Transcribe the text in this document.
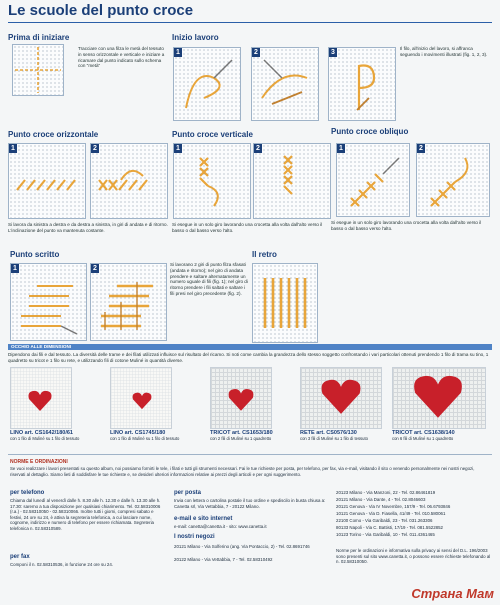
Le scuole del punto croce
Prima di iniziare
Tracciare con una filza le metà del tessuto in senso orizzontale e verticale e iniziare a ricamare dal punto indicato sullo schema con "metà"
Inizio lavoro
1	2	3
Il filo, all'inizio del lavoro, si affranca seguendo i movimenti illustrati (fig. 1, 2, 3).
Punto croce orizzontale	Punto croce verticale	Punto croce obliquo
1	2	1	2	1	2
Si lavora da sinistra a destra e da destra a sinistra, in giri di andata e di ritorno. L'inclinazione del punto va mantenuta costante.
Si esegue in un solo giro lavorando una crocetta alla volta dall'alto verso il basso o dal basso verso l'alto.
Si esegue in un solo giro lavorando una crocetta alla volta dall'alto verso il basso o dal basso verso l'alto.
Punto scritto
1	2
Si lavorano 2 giri di punto filza sfasati (andata e ritorno); nel giro di andata prendere e saltare alternatamente un numero uguale di fili (fig. 1); nel giro di ritorno prendere i fili saltati e saltare i fili presi nel giro precedente (fig. 2).
Il retro
OCCHIO ALLE DIMENSIONI
Dipendono dai fili e dal tessuto. La diversità delle trame e dei filati utilizzati influisce sul risultato del ricamo. Si noti come cambia la grandezza dello stesso soggetto confrontando i vari particolari ottenuti prendendo 1 filo di trama su tino, 1 quadretto su tricot e 1 filo su rete, e utilizzando fili di cotone Muliné in quantità diverse.
LINO art. CS1642/180/61
con 1 filo di Muliné su 1 filo di tessuto
LINO art. CS1745/180
con 1 filo di Muliné su 1 filo di tessuto
TRICOT art. CS1653/180
con 2 fili di Muliné su 1 quadretto
RETE art. CS0576/130
con 3 fili di Muliné su 1 filo di tessuto
TRICOT art. CS1638/140
con 6 fili di Muliné su 1 quadretto
NORME E ORDINAZIONI
Se vuoi realizzare i lavori presentati su questo album, noi possiamo fornirti le tele, i filati e tutti gli strumenti necessari. Fai le tue richieste per posta, per telefono, per fax, via e-mail, visitando il sito o venendo personalmente nei nostri negozi, riservati al dettaglio. Siamo lieti di soddisfare le tue richieste e, se desideri ulteriori informazioni relative ai prezzi degli articoli e per ogni suggerimento.
per telefono
Chiama dal lunedì al venerdì dalle h. 8.30 alle h. 12.30 e dalle h. 13.30 alle h. 17.30: saremo a tua disposizione per qualsiasi chiarimento. Tel. 02.58310006 (r.a.) - 02.58310050 - 02.58310066. Inoltre tutti i giorni, compresi sabato e festivi, 24 ore su 24, è attiva la segreteria telefonica, a cui lasciare nome, cognome, indirizzo e numero di telefono per essere richiamata. Segreteria telefonica n. 02.58310589.
per fax
Componi il n. 02.58310536, in funzione 24 ore su 24.
per posta
Invia con lettera o cartolina postale il tuo ordine e spediscilo in busta chiusa a: Canetta srl, Via Vettabbia, 7 - 20122 Milano.
e-mail e sito internet
e-mail: canetta@canetta.it - sito: www.canetta.it
I nostri negozi
20121 Milano - Via Solferino (ang. Via Pontaccio, 2) - Tel. 02.8691746
20122 Milano - Via Vettabbia, 7 - Tel. 02.58310492
20123 Milano - Via Manzoni, 22 - Tel. 02.86461819
20121 Milano - Via Dante, 4 - Tel. 02.8046603
20121 Genova - Via IV Novembre, 157/9 - Tel. 06.6793846
10121 Genova - Via D. Fiasella, 41/49 - Tel. 010.580061
22100 Como - Via Garibaldi, 23 - Tel. 031.263306
80133 Napoli - Via C. Battisti, 17/19 - Tel. 081.5522852
10123 Torino - Via Garibaldi, 10 - Tel. 011.4361465
Norme per le ordinazioni e informativa sulla privacy ai sensi del D.L. 196/2003 sono presenti sul sito www.canetta.it, o possono essere richieste telefonando al n. 02.58310050.
Страна Мам
